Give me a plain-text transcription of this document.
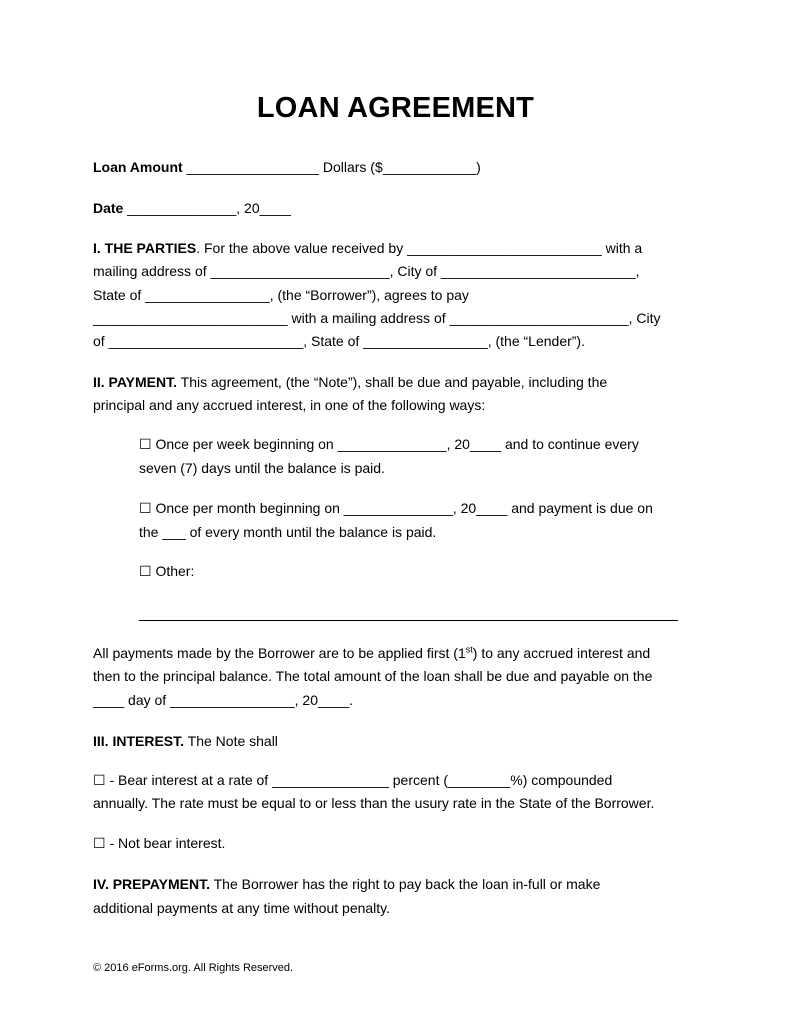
LOAN AGREEMENT

Loan Amount _________________ Dollars ($____________)

Date ______________, 20____

I. THE PARTIES. For the above value received by _________________________ with a

mailing address of _______________________, City of _________________________,

State of ________________, (the “Borrower”), agrees to pay

_________________________ with a mailing address of _______________________, City

of _________________________, State of ________________, (the “Lender”).

II. PAYMENT. This agreement, (the “Note”), shall be due and payable, including the

principal and any accrued interest, in one of the following ways:

☐ Once per week beginning on ______________, 20____ and to continue every

seven (7) days until the balance is paid.

☐ Once per month beginning on ______________, 20____ and payment is due on

the ___ of every month until the balance is paid.

☐ Other:

All payments made by the Borrower are to be applied first (1st) to any accrued interest and

then to the principal balance. The total amount of the loan shall be due and payable on the

____ day of ________________, 20____.

III. INTEREST. The Note shall

☐ - Bear interest at a rate of _______________ percent (________%) compounded

annually. The rate must be equal to or less than the usury rate in the State of the Borrower.

☐ - Not bear interest.

IV. PREPAYMENT. The Borrower has the right to pay back the loan in-full or make

additional payments at any time without penalty.

© 2016 eForms.org. All Rights Reserved.
